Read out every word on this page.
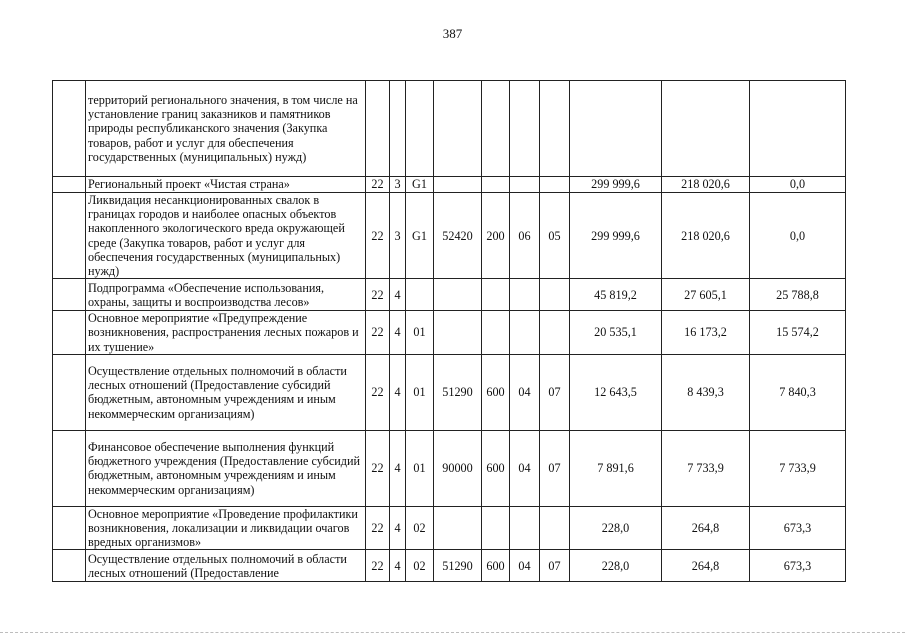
387
	территорий регионального значения, в том числе на установление границ заказников и памятников природы республиканского значения (Закупка товаров, работ и услуг для обеспечения государственных (муниципальных) нужд)										
	Региональный проект «Чистая страна»	22	3	G1					299 999,6	218 020,6	0,0
	Ликвидация несанкционированных свалок в границах городов и наиболее опасных объектов накопленного экологического вреда окружающей среде (Закупка товаров, работ и услуг для обеспечения государственных (муниципальных) нужд)	22	3	G1	52420	200	06	05	299 999,6	218 020,6	0,0
	Подпрограмма «Обеспечение использования, охраны, защиты и воспроизводства лесов»	22	4						45 819,2	27 605,1	25 788,8
	Основное мероприятие «Предупреждение возникновения, распространения лесных пожаров и их тушение»	22	4	01					20 535,1	16 173,2	15 574,2
	Осуществление отдельных полномочий в области лесных отношений (Предоставление субсидий бюджетным, автономным учреждениям и иным некоммерческим организациям)	22	4	01	51290	600	04	07	12 643,5	8 439,3	7 840,3
	Финансовое обеспечение выполнения функций бюджетного учреждения (Предоставление субсидий бюджетным, автономным учреждениям и иным некоммерческим организациям)	22	4	01	90000	600	04	07	7 891,6	7 733,9	7 733,9
	Основное мероприятие «Проведение профилактики возникновения, локализации и ликвидации очагов вредных организмов»	22	4	02					228,0	264,8	673,3
	Осуществление отдельных полномочий в области лесных отношений (Предоставление	22	4	02	51290	600	04	07	228,0	264,8	673,3
